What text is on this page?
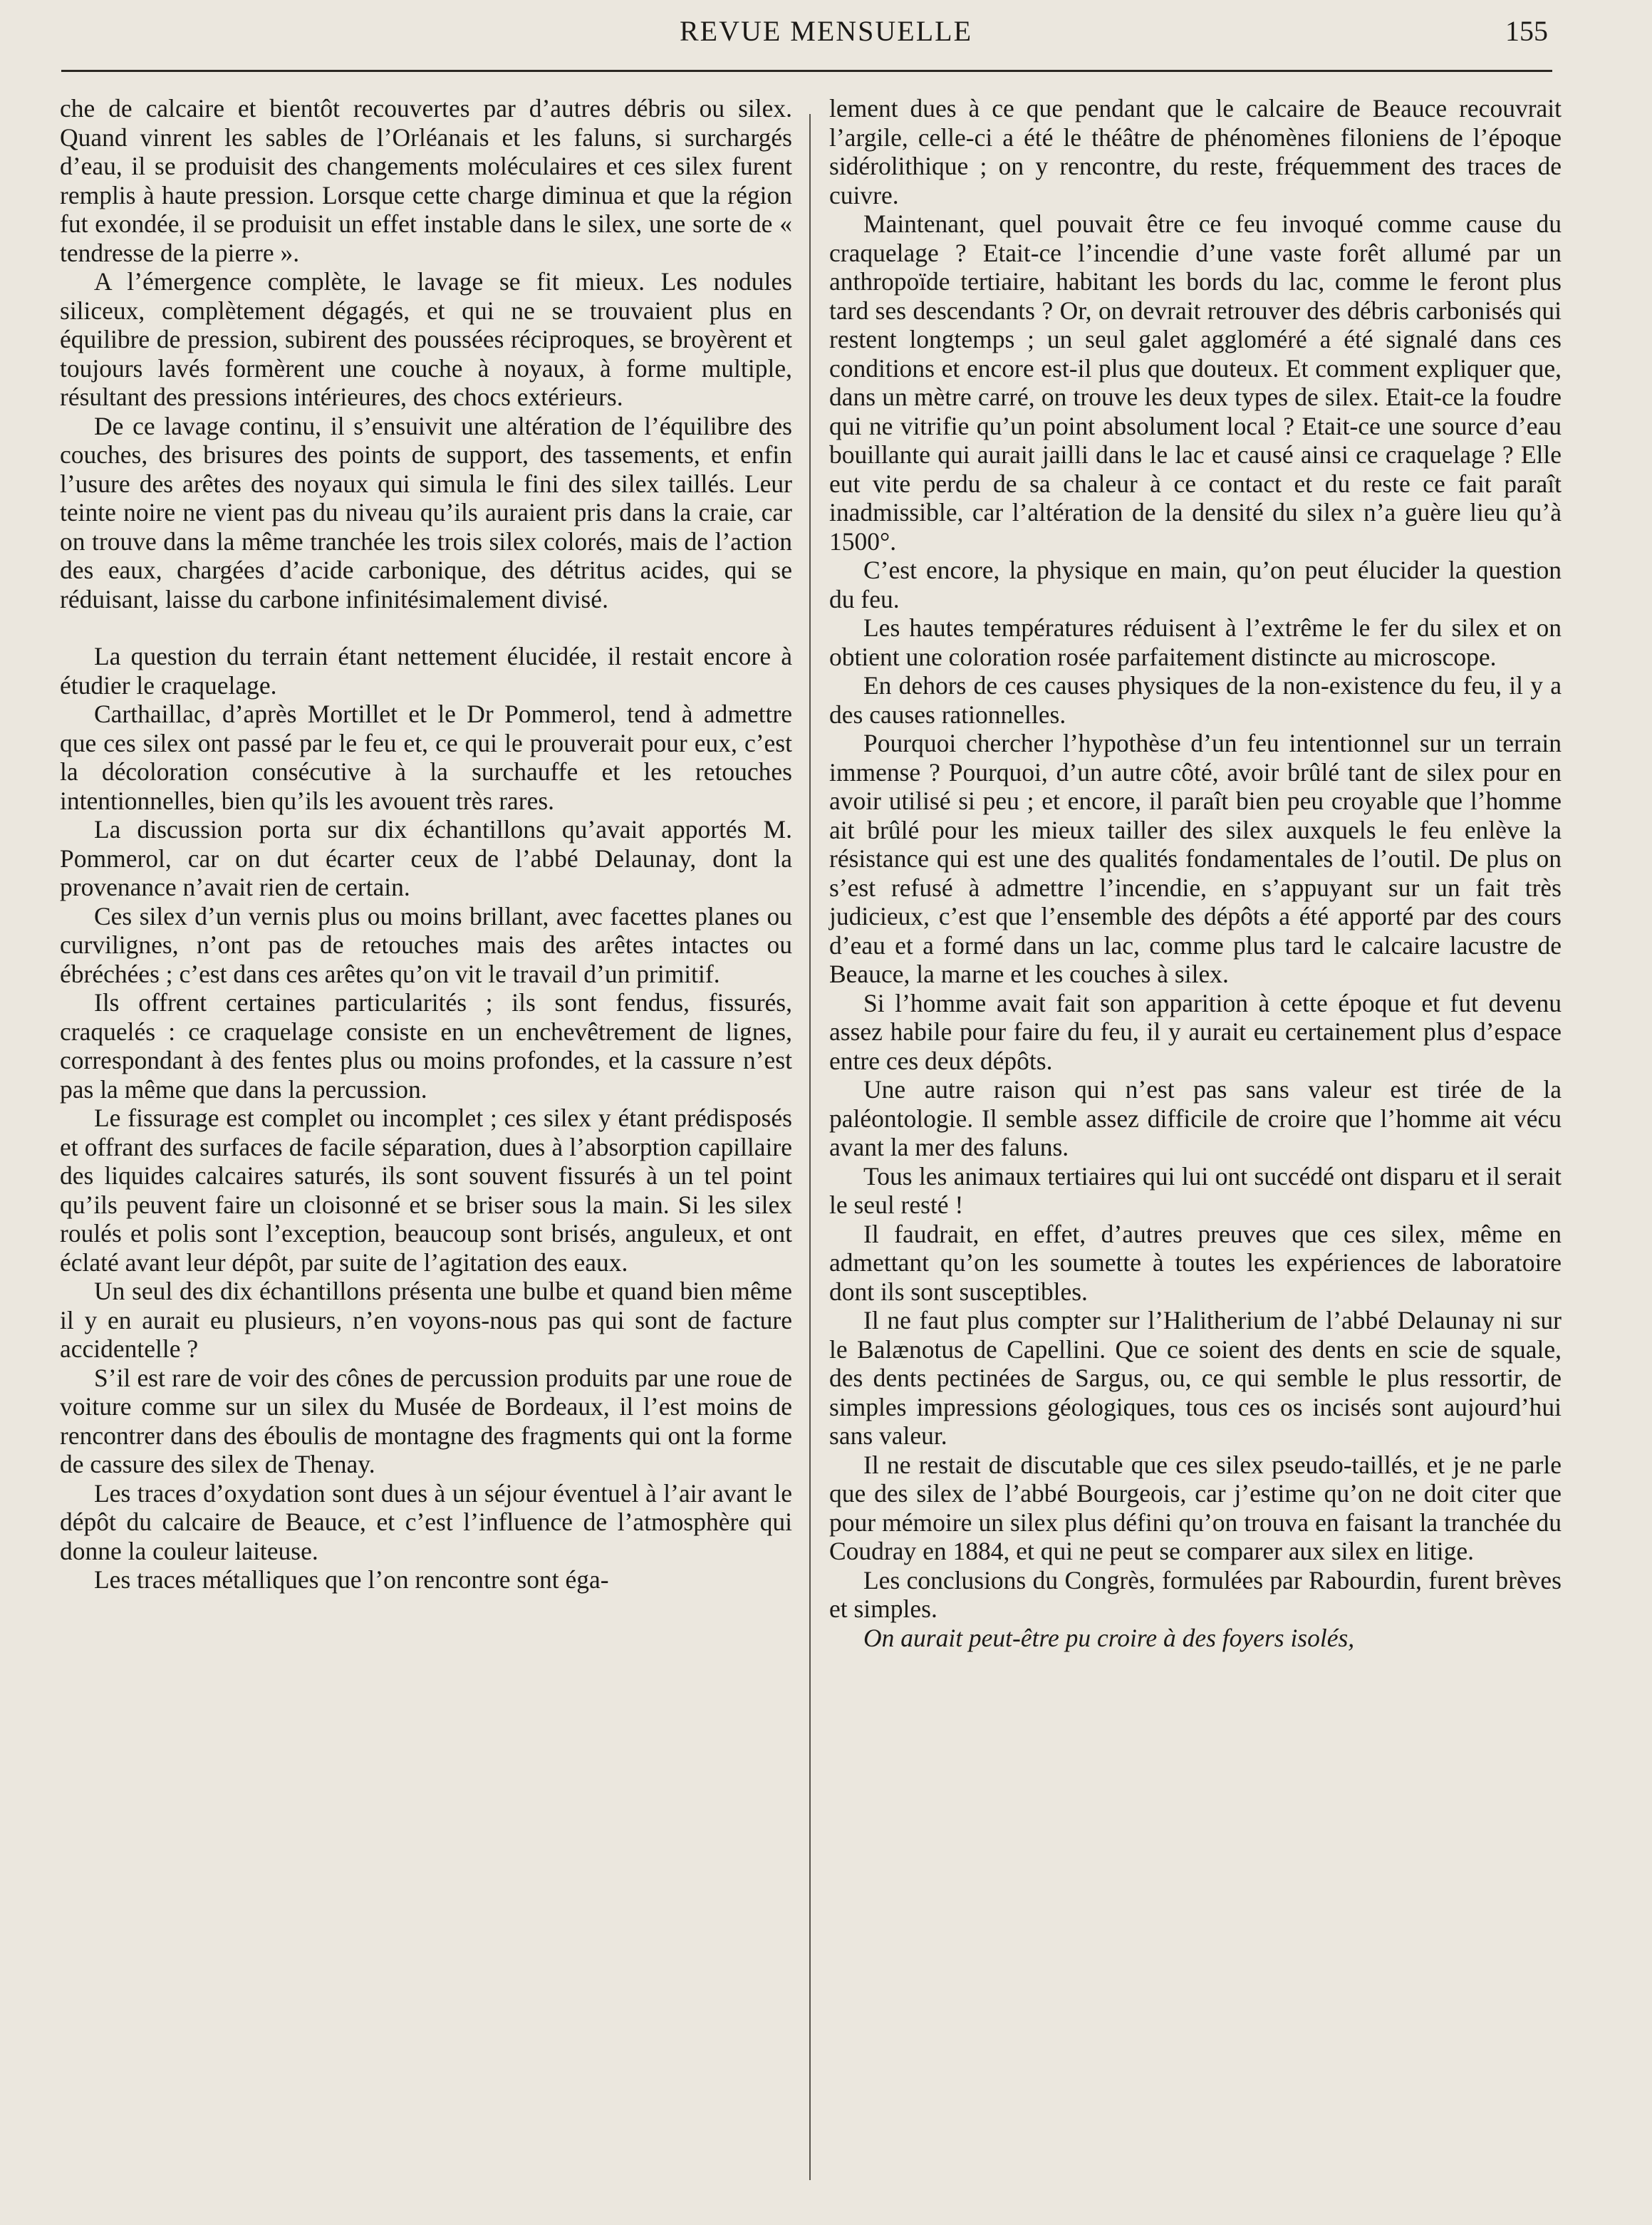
REVUE MENSUELLE	155

che de calcaire et bientôt recouvertes par d’autres débris ou silex. Quand vinrent les sables de l’Orléanais et les faluns, si surchargés d’eau, il se produisit des changements moléculaires et ces silex furent remplis à haute pression. Lorsque cette charge diminua et que la région fut exondée, il se produisit un effet instable dans le silex, une sorte de « tendresse de la pierre ».

A l’émergence complète, le lavage se fit mieux. Les nodules siliceux, complètement dégagés, et qui ne se trouvaient plus en équilibre de pression, subirent des poussées réciproques, se broyèrent et toujours lavés formèrent une couche à noyaux, à forme multiple, résultant des pressions intérieures, des chocs extérieurs.

De ce lavage continu, il s’ensuivit une altération de l’équilibre des couches, des brisures des points de support, des tassements, et enfin l’usure des arêtes des noyaux qui simula le fini des silex taillés. Leur teinte noire ne vient pas du niveau qu’ils auraient pris dans la craie, car on trouve dans la même tranchée les trois silex colorés, mais de l’action des eaux, chargées d’acide carbonique, des détritus acides, qui se réduisant, laisse du carbone infinitésimalement divisé.

La question du terrain étant nettement élucidée, il restait encore à étudier le craquelage.

Carthaillac, d’après Mortillet et le Dr Pommerol, tend à admettre que ces silex ont passé par le feu et, ce qui le prouverait pour eux, c’est la décoloration consécutive à la surchauffe et les retouches intentionnelles, bien qu’ils les avouent très rares.

La discussion porta sur dix échantillons qu’avait apportés M. Pommerol, car on dut écarter ceux de l’abbé Delaunay, dont la provenance n’avait rien de certain.

Ces silex d’un vernis plus ou moins brillant, avec facettes planes ou curvilignes, n’ont pas de retouches mais des arêtes intactes ou ébréchées ; c’est dans ces arêtes qu’on vit le travail d’un primitif.

Ils offrent certaines particularités ; ils sont fendus, fissurés, craquelés : ce craquelage consiste en un enchevêtrement de lignes, correspondant à des fentes plus ou moins profondes, et la cassure n’est pas la même que dans la percussion.

Le fissurage est complet ou incomplet ; ces silex y étant prédisposés et offrant des surfaces de facile séparation, dues à l’absorption capillaire des liquides calcaires saturés, ils sont souvent fissurés à un tel point qu’ils peuvent faire un cloisonné et se briser sous la main. Si les silex roulés et polis sont l’exception, beaucoup sont brisés, anguleux, et ont éclaté avant leur dépôt, par suite de l’agitation des eaux.

Un seul des dix échantillons présenta une bulbe et quand bien même il y en aurait eu plusieurs, n’en voyons-nous pas qui sont de facture accidentelle ?

S’il est rare de voir des cônes de percussion produits par une roue de voiture comme sur un silex du Musée de Bordeaux, il l’est moins de rencontrer dans des éboulis de montagne des fragments qui ont la forme de cassure des silex de Thenay.

Les traces d’oxydation sont dues à un séjour éventuel à l’air avant le dépôt du calcaire de Beauce, et c’est l’influence de l’atmosphère qui donne la couleur laiteuse.

Les traces métalliques que l’on rencontre sont éga-

lement dues à ce que pendant que le calcaire de Beauce recouvrait l’argile, celle-ci a été le théâtre de phénomènes filoniens de l’époque sidérolithique ; on y rencontre, du reste, fréquemment des traces de cuivre.

Maintenant, quel pouvait être ce feu invoqué comme cause du craquelage ? Etait-ce l’incendie d’une vaste forêt allumé par un anthropoïde tertiaire, habitant les bords du lac, comme le feront plus tard ses descendants ? Or, on devrait retrouver des débris carbonisés qui restent longtemps ; un seul galet aggloméré a été signalé dans ces conditions et encore est-il plus que douteux. Et comment expliquer que, dans un mètre carré, on trouve les deux types de silex. Etait-ce la foudre qui ne vitrifie qu’un point absolument local ? Etait-ce une source d’eau bouillante qui aurait jailli dans le lac et causé ainsi ce craquelage ? Elle eut vite perdu de sa chaleur à ce contact et du reste ce fait paraît inadmissible, car l’altération de la densité du silex n’a guère lieu qu’à 1500°.

C’est encore, la physique en main, qu’on peut élucider la question du feu.

Les hautes températures réduisent à l’extrême le fer du silex et on obtient une coloration rosée parfaitement distincte au microscope.

En dehors de ces causes physiques de la non-existence du feu, il y a des causes rationnelles.

Pourquoi chercher l’hypothèse d’un feu intentionnel sur un terrain immense ? Pourquoi, d’un autre côté, avoir brûlé tant de silex pour en avoir utilisé si peu ; et encore, il paraît bien peu croyable que l’homme ait brûlé pour les mieux tailler des silex auxquels le feu enlève la résistance qui est une des qualités fondamentales de l’outil. De plus on s’est refusé à admettre l’incendie, en s’appuyant sur un fait très judicieux, c’est que l’ensemble des dépôts a été apporté par des cours d’eau et a formé dans un lac, comme plus tard le calcaire lacustre de Beauce, la marne et les couches à silex.

Si l’homme avait fait son apparition à cette époque et fut devenu assez habile pour faire du feu, il y aurait eu certainement plus d’espace entre ces deux dépôts.

Une autre raison qui n’est pas sans valeur est tirée de la paléontologie. Il semble assez difficile de croire que l’homme ait vécu avant la mer des faluns.

Tous les animaux tertiaires qui lui ont succédé ont disparu et il serait le seul resté !

Il faudrait, en effet, d’autres preuves que ces silex, même en admettant qu’on les soumette à toutes les expériences de laboratoire dont ils sont susceptibles.

Il ne faut plus compter sur l’Halitherium de l’abbé Delaunay ni sur le Balænotus de Capellini. Que ce soient des dents en scie de squale, des dents pectinées de Sargus, ou, ce qui semble le plus ressortir, de simples impressions géologiques, tous ces os incisés sont aujourd’hui sans valeur.

Il ne restait de discutable que ces silex pseudo-taillés, et je ne parle que des silex de l’abbé Bourgeois, car j’estime qu’on ne doit citer que pour mémoire un silex plus défini qu’on trouva en faisant la tranchée du Coudray en 1884, et qui ne peut se comparer aux silex en litige.

Les conclusions du Congrès, formulées par Rabourdin, furent brèves et simples.

On aurait peut-être pu croire à des foyers isolés,
